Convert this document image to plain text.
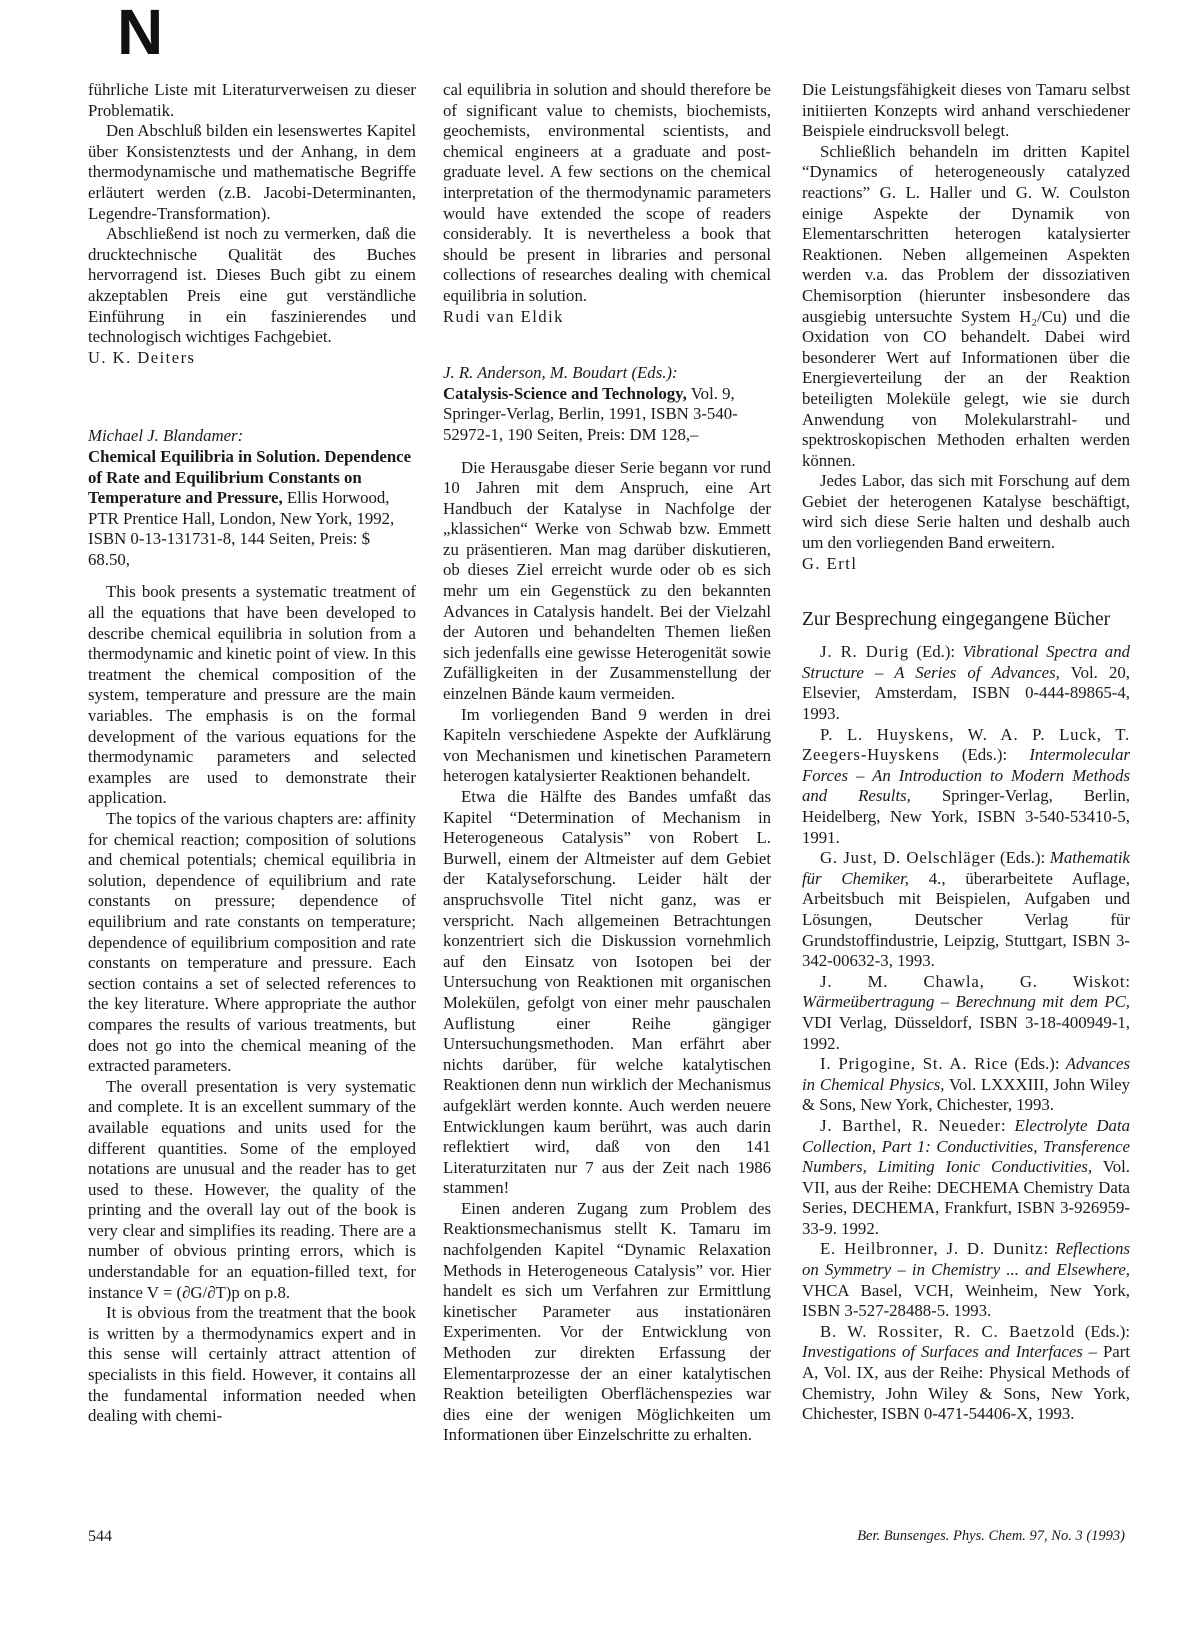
N

führliche Liste mit Literaturverweisen zu dieser Problematik.

Den Abschluß bilden ein lesenswertes Kapitel über Konsistenztests und der Anhang, in dem thermodynamische und mathematische Begriffe erläutert werden (z.B. Jacobi-Determinanten, Legendre-Transformation).

Abschließend ist noch zu vermerken, daß die drucktechnische Qualität des Buches hervorragend ist. Dieses Buch gibt zu einem akzeptablen Preis eine gut verständliche Einführung in ein faszinierendes und technologisch wichtiges Fachgebiet.

U. K. Deiters

Michael J. Blandamer:
Chemical Equilibria in Solution. Dependence of Rate and Equilibrium Constants on Temperature and Pressure, Ellis Horwood, PTR Prentice Hall, London, New York, 1992, ISBN 0-13-131731-8, 144 Seiten, Preis: $ 68.50,

This book presents a systematic treatment of all the equations that have been developed to describe chemical equilibria in solution from a thermodynamic and kinetic point of view. In this treatment the chemical composition of the system, temperature and pressure are the main variables. The emphasis is on the formal development of the various equations for the thermodynamic parameters and selected examples are used to demonstrate their application.

The topics of the various chapters are: affinity for chemical reaction; composition of solutions and chemical potentials; chemical equilibria in solution, dependence of equilibrium and rate constants on pressure; dependence of equilibrium and rate constants on temperature; dependence of equilibrium composition and rate constants on temperature and pressure. Each section contains a set of selected references to the key literature. Where appropriate the author compares the results of various treatments, but does not go into the chemical meaning of the extracted parameters.

The overall presentation is very systematic and complete. It is an excellent summary of the available equations and units used for the different quantities. Some of the employed notations are unusual and the reader has to get used to these. However, the quality of the printing and the overall lay out of the book is very clear and simplifies its reading. There are a number of obvious printing errors, which is understandable for an equation-filled text, for instance V = (∂G/∂T)p on p.8.

It is obvious from the treatment that the book is written by a thermodynamics expert and in this sense will certainly attract attention of specialists in this field. However, it contains all the fundamental information needed when dealing with chemi-

cal equilibria in solution and should therefore be of significant value to chemists, biochemists, geochemists, environmental scientists, and chemical engineers at a graduate and post-graduate level. A few sections on the chemical interpretation of the thermodynamic parameters would have extended the scope of readers considerably. It is nevertheless a book that should be present in libraries and personal collections of researches dealing with chemical equilibria in solution.

Rudi van Eldik

J. R. Anderson, M. Boudart (Eds.):
Catalysis-Science and Technology, Vol. 9, Springer-Verlag, Berlin, 1991, ISBN 3-540-52972-1, 190 Seiten, Preis: DM 128,–

Die Herausgabe dieser Serie begann vor rund 10 Jahren mit dem Anspruch, eine Art Handbuch der Katalyse in Nachfolge der „klassichen“ Werke von Schwab bzw. Emmett zu präsentieren. Man mag darüber diskutieren, ob dieses Ziel erreicht wurde oder ob es sich mehr um ein Gegenstück zu den bekannten Advances in Catalysis handelt. Bei der Vielzahl der Autoren und behandelten Themen ließen sich jedenfalls eine gewisse Heterogenität sowie Zufälligkeiten in der Zusammenstellung der einzelnen Bände kaum vermeiden.

Im vorliegenden Band 9 werden in drei Kapiteln verschiedene Aspekte der Aufklärung von Mechanismen und kinetischen Parametern heterogen katalysierter Reaktionen behandelt.

Etwa die Hälfte des Bandes umfaßt das Kapitel “Determination of Mechanism in Heterogeneous Catalysis” von Robert L. Burwell, einem der Altmeister auf dem Gebiet der Katalyseforschung. Leider hält der anspruchsvolle Titel nicht ganz, was er verspricht. Nach allgemeinen Betrachtungen konzentriert sich die Diskussion vornehmlich auf den Einsatz von Isotopen bei der Untersuchung von Reaktionen mit organischen Molekülen, gefolgt von einer mehr pauschalen Auflistung einer Reihe gängiger Untersuchungsmethoden. Man erfährt aber nichts darüber, für welche katalytischen Reaktionen denn nun wirklich der Mechanismus aufgeklärt werden konnte. Auch werden neuere Entwicklungen kaum berührt, was auch darin reflektiert wird, daß von den 141 Literaturzitaten nur 7 aus der Zeit nach 1986 stammen!

Einen anderen Zugang zum Problem des Reaktionsmechanismus stellt K. Tamaru im nachfolgenden Kapitel “Dynamic Relaxation Methods in Heterogeneous Catalysis” vor. Hier handelt es sich um Verfahren zur Ermittlung kinetischer Parameter aus instationären Experimenten. Vor der Entwicklung von Methoden zur direkten Erfassung der Elementarprozesse der an einer katalytischen Reaktion beteiligten Oberflächenspezies war dies eine der wenigen Möglichkeiten um Informationen über Einzelschritte zu erhalten.

Die Leistungsfähigkeit dieses von Tamaru selbst initiierten Konzepts wird anhand verschiedener Beispiele eindrucksvoll belegt.

Schließlich behandeln im dritten Kapitel “Dynamics of heterogeneously catalyzed reactions” G. L. Haller und G. W. Coulston einige Aspekte der Dynamik von Elementarschritten heterogen katalysierter Reaktionen. Neben allgemeinen Aspekten werden v.a. das Problem der dissoziativen Chemisorption (hierunter insbesondere das ausgiebig untersuchte System H₂/Cu) und die Oxidation von CO behandelt. Dabei wird besonderer Wert auf Informationen über die Energieverteilung der an der Reaktion beteiligten Moleküle gelegt, wie sie durch Anwendung von Molekularstrahl- und spektroskopischen Methoden erhalten werden können.

Jedes Labor, das sich mit Forschung auf dem Gebiet der heterogenen Katalyse beschäftigt, wird sich diese Serie halten und deshalb auch um den vorliegenden Band erweitern.

G. Ertl

Zur Besprechung eingegangene Bücher

J. R. Durig (Ed.): Vibrational Spectra and Structure – A Series of Advances, Vol. 20, Elsevier, Amsterdam, ISBN 0-444-89865-4, 1993.

P. L. Huyskens, W. A. P. Luck, T. Zeegers-Huyskens (Eds.): Intermolecular Forces – An Introduction to Modern Methods and Results, Springer-Verlag, Berlin, Heidelberg, New York, ISBN 3-540-53410-5, 1991.

G. Just, D. Oelschläger (Eds.): Mathematik für Chemiker, 4., überarbeitete Auflage, Arbeitsbuch mit Beispielen, Aufgaben und Lösungen, Deutscher Verlag für Grundstoffindustrie, Leipzig, Stuttgart, ISBN 3-342-00632-3, 1993.

J. M. Chawla, G. Wiskot: Wärmeübertragung – Berechnung mit dem PC, VDI Verlag, Düsseldorf, ISBN 3-18-400949-1, 1992.

I. Prigogine, St. A. Rice (Eds.): Advances in Chemical Physics, Vol. LXXXIII, John Wiley & Sons, New York, Chichester, 1993.

J. Barthel, R. Neueder: Electrolyte Data Collection, Part 1: Conductivities, Transference Numbers, Limiting Ionic Conductivities, Vol. VII, aus der Reihe: DECHEMA Chemistry Data Series, DECHEMA, Frankfurt, ISBN 3-926959-33-9. 1992.

E. Heilbronner, J. D. Dunitz: Reflections on Symmetry – in Chemistry ... and Elsewhere, VHCA Basel, VCH, Weinheim, New York, ISBN 3-527-28488-5. 1993.

B. W. Rossiter, R. C. Baetzold (Eds.): Investigations of Surfaces and Interfaces – Part A, Vol. IX, aus der Reihe: Physical Methods of Chemistry, John Wiley & Sons, New York, Chichester, ISBN 0-471-54406-X, 1993.

544	Ber. Bunsenges. Phys. Chem. 97, No. 3 (1993)
